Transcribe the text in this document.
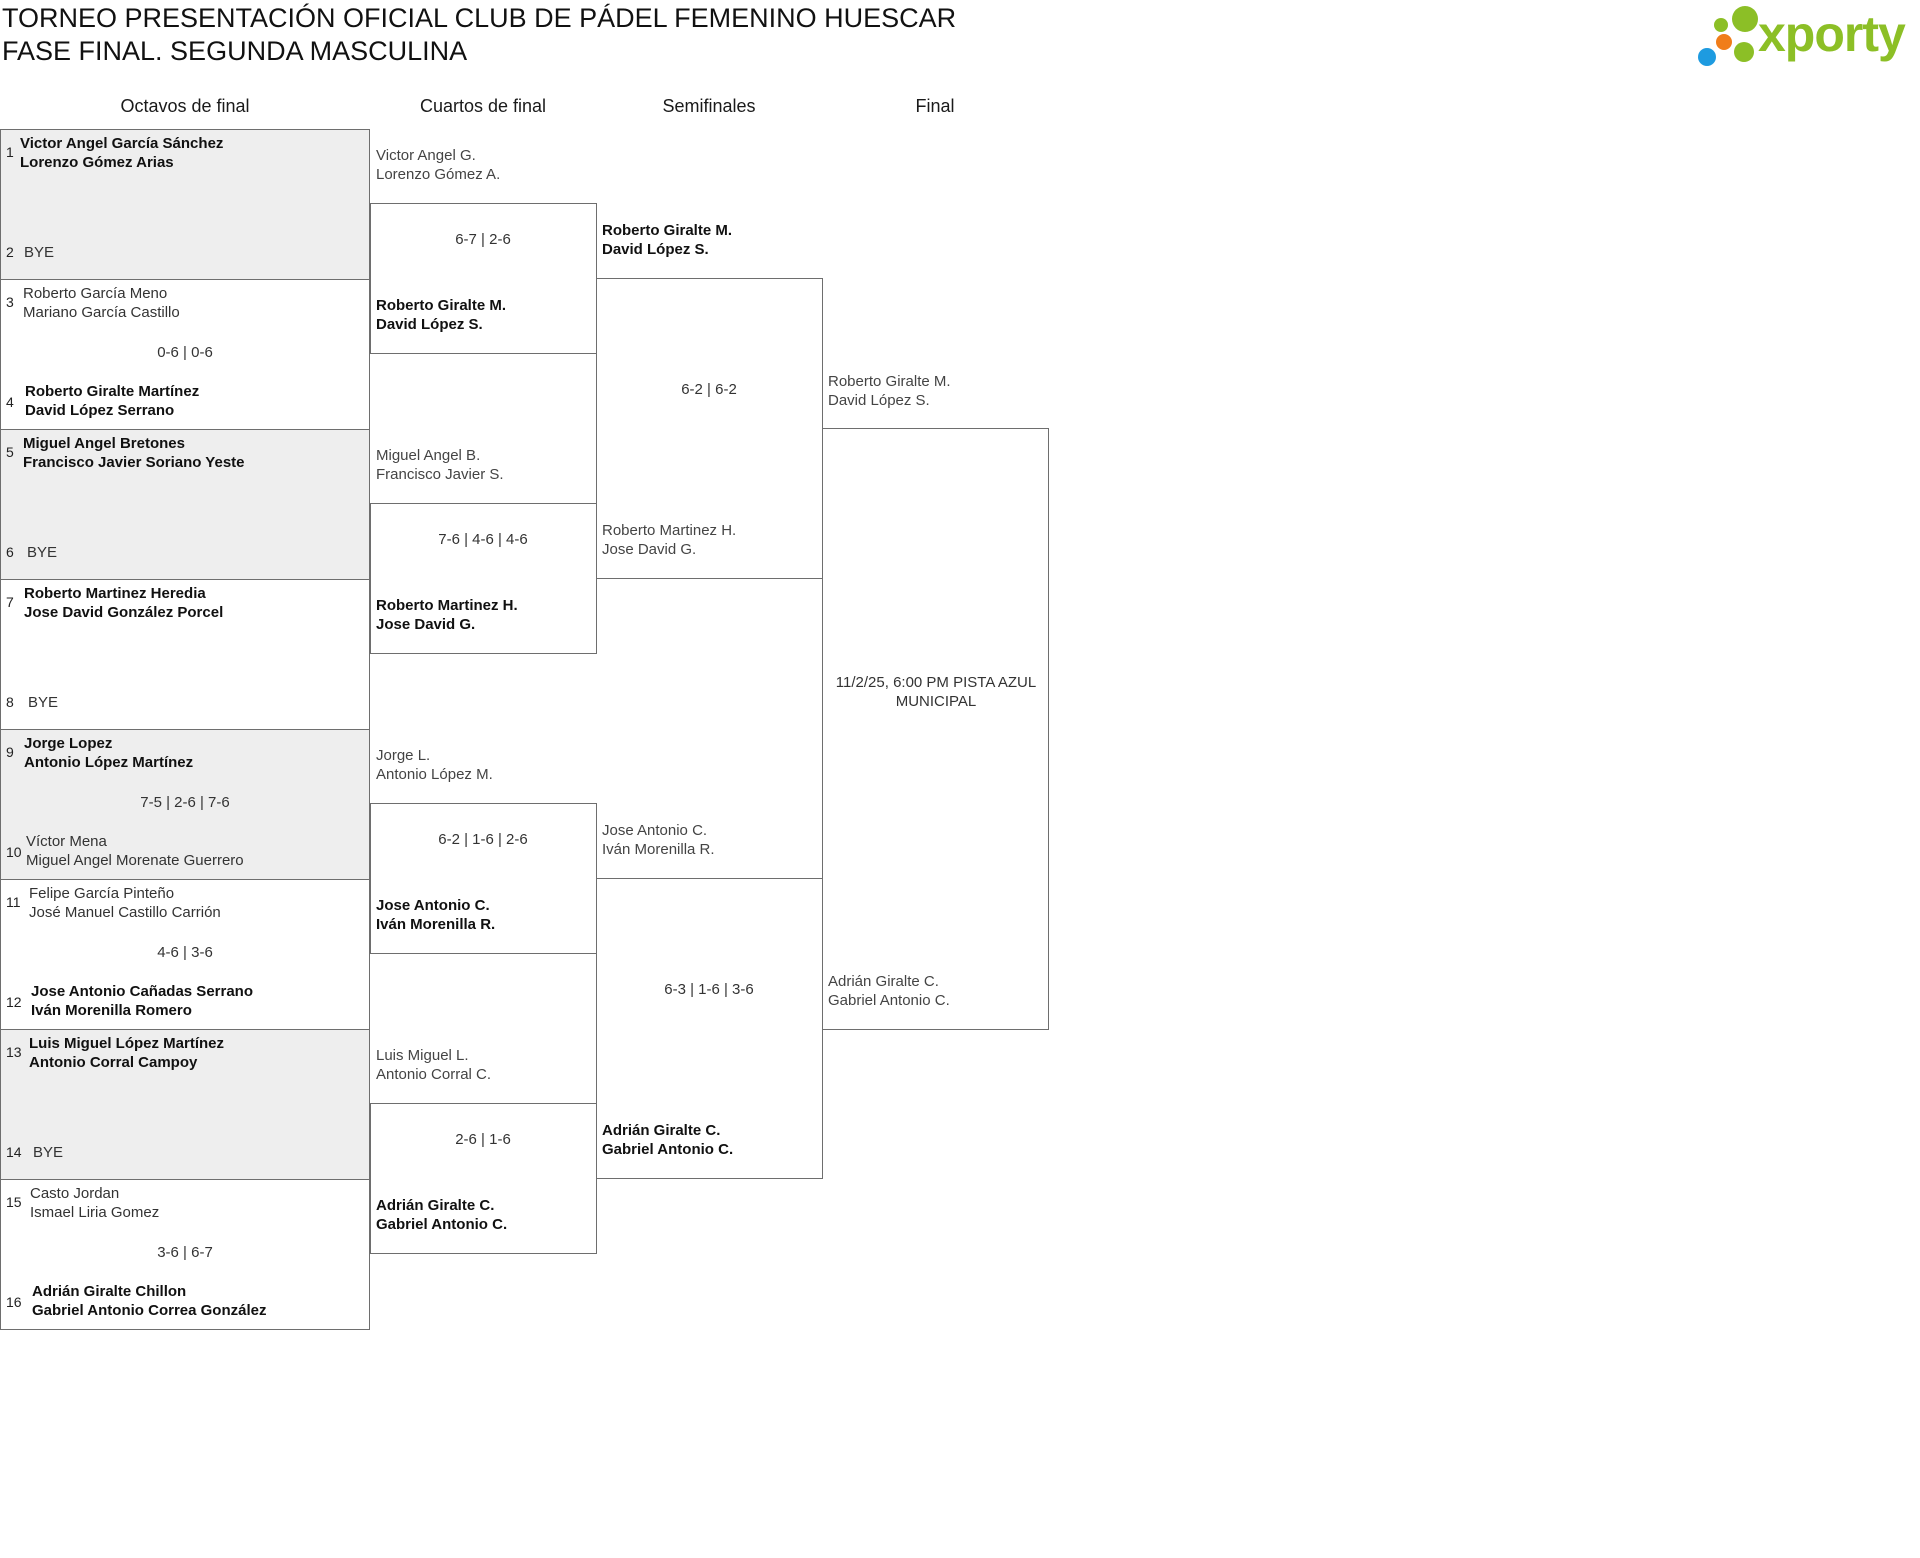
TORNEO PRESENTACIÓN OFICIAL CLUB DE PÁDEL FEMENINO HUESCAR
FASE FINAL. SEGUNDA MASCULINA	xporty
Octavos de final	Cuartos de final	Semifinales	Final
1 Victor Angel García Sánchez
Lorenzo Gómez Arias
2 BYE
3 Roberto García Meno
Mariano García Castillo
0-6 | 0-6
4
Roberto Giralte Martínez
David López Serrano
5 Miguel Angel Bretones
Francisco Javier Soriano Yeste
6 BYE
7 Roberto Martinez Heredia
Jose David González Porcel
8 BYE
9 Jorge Lopez
Antonio López Martínez
7-5 | 2-6 | 7-6
10
Víctor Mena
Miguel Angel Morenate Guerrero
11 Felipe García Pinteño
José Manuel Castillo Carrión
4-6 | 3-6
12
Jose Antonio Cañadas Serrano
Iván Morenilla Romero
13 Luis Miguel López Martínez
Antonio Corral Campoy
14 BYE
15 Casto Jordan
Ismael Liria Gomez
3-6 | 6-7
16
Adrián Giralte Chillon
Gabriel Antonio Correa González
Victor Angel G.
Lorenzo Gómez A.
6-7 | 2-6
Roberto Giralte M.
David López S.
Miguel Angel B.
Francisco Javier S.
7-6 | 4-6 | 4-6
Roberto Martinez H.
Jose David G.
Jorge L.
Antonio López M.
6-2 | 1-6 | 2-6
Jose Antonio C.
Iván Morenilla R.
Luis Miguel L.
Antonio Corral C.
2-6 | 1-6
Adrián Giralte C.
Gabriel Antonio C.
Roberto Giralte M.
David López S.
6-2 | 6-2
Roberto Martinez H.
Jose David G.
Jose Antonio C.
Iván Morenilla R.
6-3 | 1-6 | 3-6
Adrián Giralte C.
Gabriel Antonio C.
Roberto Giralte M.
David López S.
11/2/25, 6:00 PM PISTA AZUL MUNICIPAL
Adrián Giralte C.
Gabriel Antonio C.
